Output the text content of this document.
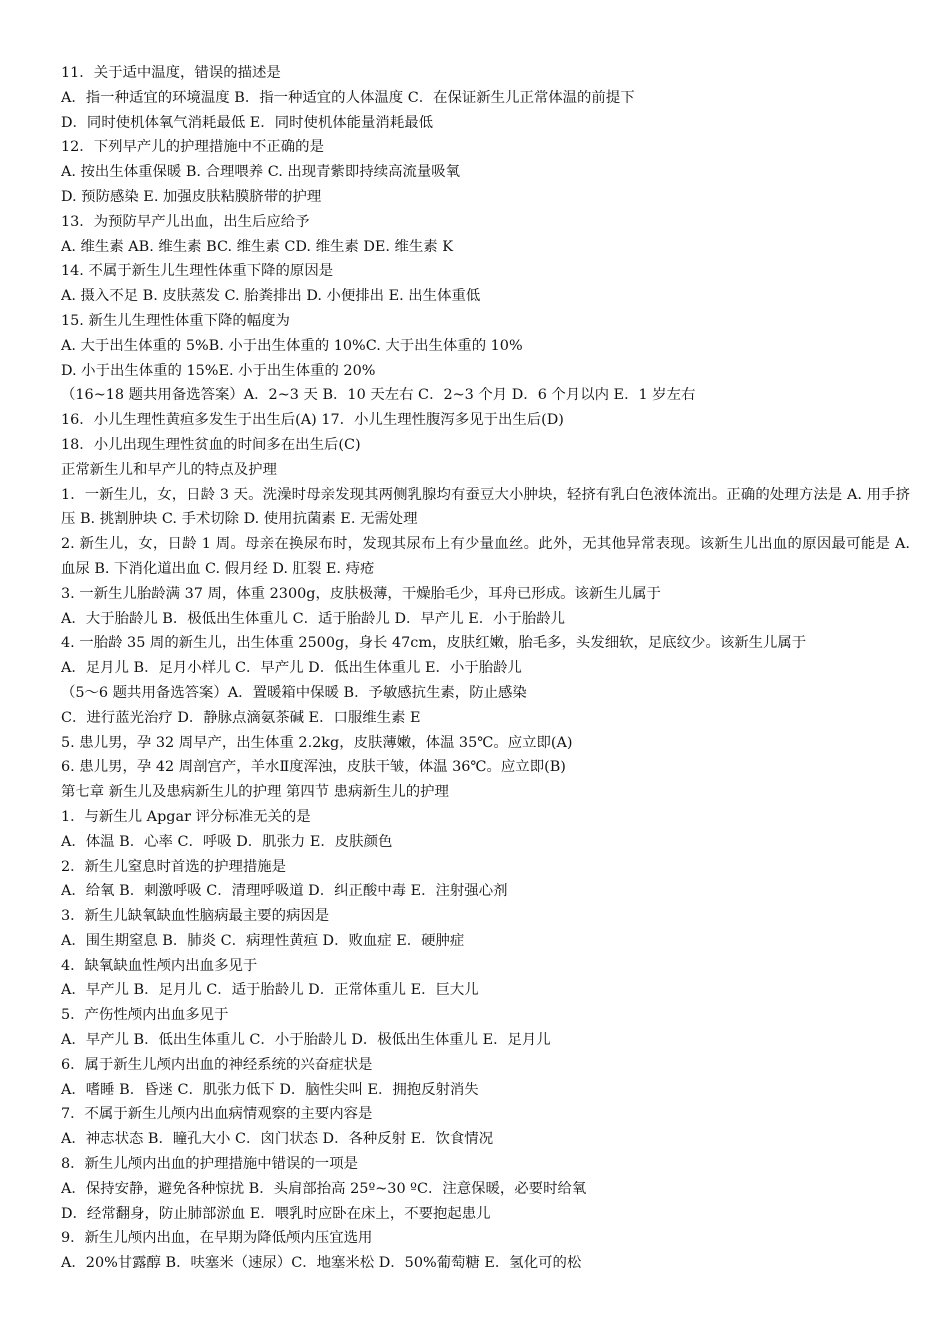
11．关于适中温度，错误的描述是
A．指一种适宜的环境温度 B．指一种适宜的人体温度 C．在保证新生儿正常体温的前提下
D．同时使机体氧气消耗最低 E．同时使机体能量消耗最低
12．下列早产儿的护理措施中不正确的是
A. 按出生体重保暖 B. 合理喂养 C. 出现青紫即持续高流量吸氧
D. 预防感染 E. 加强皮肤粘膜脐带的护理
13．为预防早产儿出血，出生后应给予
A. 维生素 AB. 维生素 BC. 维生素 CD. 维生素 DE. 维生素 K
14. 不属于新生儿生理性体重下降的原因是
A. 摄入不足 B. 皮肤蒸发 C. 胎粪排出 D. 小便排出 E. 出生体重低
15. 新生儿生理性体重下降的幅度为
A. 大于出生体重的 5%B. 小于出生体重的 10%C. 大于出生体重的 10%
D. 小于出生体重的 15%E. 小于出生体重的 20%
（16~18 题共用备选答案）A．2~3 天 B．10 天左右 C．2~3 个月 D．6 个月以内 E．1 岁左右
16．小儿生理性黄疸多发生于出生后(A) 17．小儿生理性腹泻多见于出生后(D)
18．小儿出现生理性贫血的时间多在出生后(C)
正常新生儿和早产儿的特点及护理
1．一新生儿，女，日龄 3 天。洗澡时母亲发现其两侧乳腺均有蚕豆大小肿块，轻挤有乳白色液体流出。正确的处理方法是 A. 用手挤压 B. 挑割肿块 C. 手术切除 D. 使用抗菌素 E. 无需处理
2. 新生儿，女，日龄 1 周。母亲在换尿布时，发现其尿布上有少量血丝。此外，无其他异常表现。该新生儿出血的原因最可能是 A. 血尿 B. 下消化道出血 C. 假月经 D. 肛裂 E. 痔疮
3. 一新生儿胎龄满 37 周，体重 2300g，皮肤极薄，干燥胎毛少，耳舟已形成。该新生儿属于
A．大于胎龄儿 B．极低出生体重儿 C．适于胎龄儿 D．早产儿 E．小于胎龄儿
4. 一胎龄 35 周的新生儿，出生体重 2500g，身长 47cm，皮肤红嫩，胎毛多，头发细软，足底纹少。该新生儿属于
A．足月儿 B．足月小样儿 C．早产儿 D．低出生体重儿 E．小于胎龄儿
（5～6 题共用备选答案）A．置暖箱中保暖 B．予敏感抗生素，防止感染
C．进行蓝光治疗 D．静脉点滴氨茶碱 E．口服维生素 E
5. 患儿男，孕 32 周早产，出生体重 2.2kg，皮肤薄嫩，体温 35℃。应立即(A)
6. 患儿男，孕 42 周剖宫产，羊水Ⅱ度浑浊，皮肤干皱，体温 36℃。应立即(B)
第七章 新生儿及患病新生儿的护理 第四节 患病新生儿的护理
1．与新生儿 Apgar 评分标准无关的是
A．体温 B．心率 C．呼吸 D．肌张力 E．皮肤颜色
2．新生儿窒息时首选的护理措施是
A．给氧 B．刺激呼吸 C．清理呼吸道 D．纠正酸中毒 E．注射强心剂
3．新生儿缺氧缺血性脑病最主要的病因是
A．围生期窒息 B．肺炎 C．病理性黄疸 D．败血症 E．硬肿症
4．缺氧缺血性颅内出血多见于
A．早产儿 B．足月儿 C．适于胎龄儿 D．正常体重儿 E．巨大儿
5．产伤性颅内出血多见于
A．早产儿 B．低出生体重儿 C．小于胎龄儿 D．极低出生体重儿 E．足月儿
6．属于新生儿颅内出血的神经系统的兴奋症状是
A．嗜睡 B．昏迷 C．肌张力低下 D．脑性尖叫 E．拥抱反射消失
7．不属于新生儿颅内出血病情观察的主要内容是
A．神志状态 B．瞳孔大小 C．囟门状态 D．各种反射 E．饮食情况
8．新生儿颅内出血的护理措施中错误的一项是
A．保持安静，避免各种惊扰 B．头肩部抬高 25º~30 ºC．注意保暖，必要时给氧
D．经常翻身，防止肺部淤血 E．喂乳时应卧在床上，不要抱起患儿
9．新生儿颅内出血，在早期为降低颅内压宜选用
A．20%甘露醇 B．呋塞米（速尿）C．地塞米松 D．50%葡萄糖 E．氢化可的松
